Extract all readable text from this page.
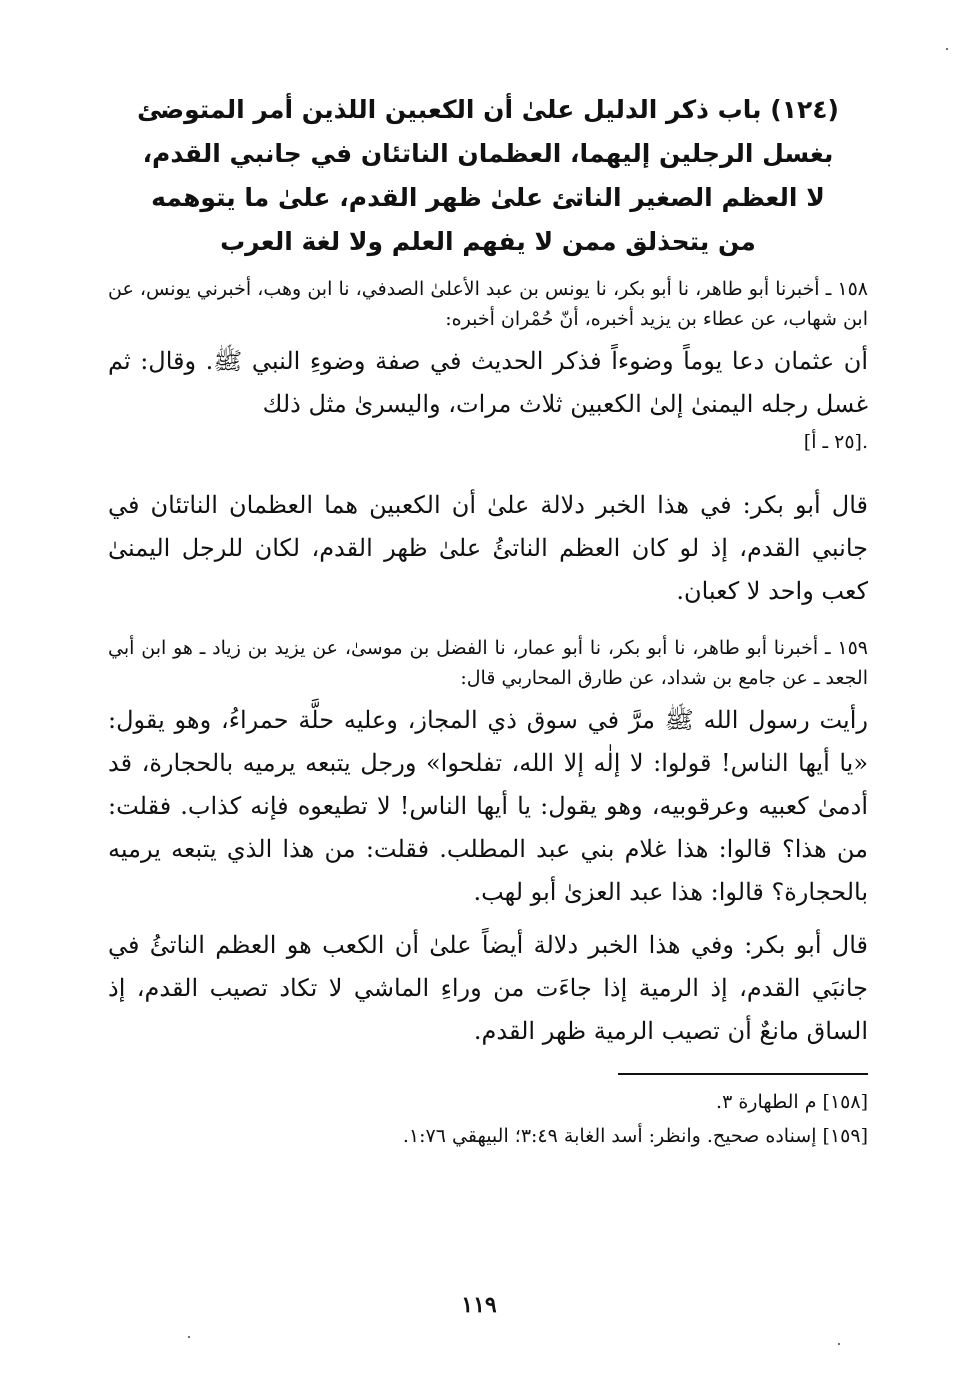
(١٢٤) باب ذكر الدليل علىٰ أن الكعبين اللذين أمر المتوضئ
بغسل الرجلين إليهما، العظمان الناتئان في جانبي القدم،
لا العظم الصغير الناتئ علىٰ ظهر القدم، علىٰ ما يتوهمه
من يتحذلق ممن لا يفهم العلم ولا لغة العرب

١٥٨ ـ أخبرنا أبو طاهر، نا أبو بكر، نا يونس بن عبد الأعلىٰ الصدفي، نا ابن وهب، أخبرني يونس، عن ابن شهاب، عن عطاء بن يزيد أخبره، أنّ حُمْران أخبره:

أن عثمان دعا يوماً وضوءاً فذكر الحديث في صفة وضوءِ النبي ﷺ. وقال: ثم غسل رجله اليمنىٰ إلىٰ الكعبين ثلاث مرات، واليسرىٰ مثل ذلك

.[٢٥ ـ أ]

قال أبو بكر: في هذا الخبر دلالة علىٰ أن الكعبين هما العظمان الناتئان في جانبي القدم، إذ لو كان العظم الناتئُ علىٰ ظهر القدم، لكان للرجل اليمنىٰ كعب واحد لا كعبان.

١٥٩ ـ أخبرنا أبو طاهر، نا أبو بكر، نا أبو عمار، نا الفضل بن موسىٰ، عن يزيد بن زياد ـ هو ابن أبي الجعد ـ عن جامع بن شداد، عن طارق المحاربي قال:

رأيت رسول الله ﷺ مرَّ في سوق ذي المجاز، وعليه حلَّة حمراءُ، وهو يقول: «يا أيها الناس! قولوا: لا إلٰه إلا الله، تفلحوا» ورجل يتبعه يرميه بالحجارة، قد أدمىٰ كعبيه وعرقوبيه، وهو يقول: يا أيها الناس! لا تطيعوه فإنه كذاب. فقلت: من هذا؟ قالوا: هذا غلام بني عبد المطلب. فقلت: من هذا الذي يتبعه يرميه بالحجارة؟ قالوا: هذا عبد العزىٰ أبو لهب.

قال أبو بكر: وفي هذا الخبر دلالة أيضاً علىٰ أن الكعب هو العظم الناتئُ في جانبَي القدم، إذ الرمية إذا جاءَت من وراءِ الماشي لا تكاد تصيب القدم، إذ الساق مانعٌ أن تصيب الرمية ظهر القدم.

[١٥٨] م الطهارة ٣.

[١٥٩] إسناده صحيح. وانظر: أسد الغابة ٣:٤٩؛ البيهقي ١:٧٦.

١١٩
